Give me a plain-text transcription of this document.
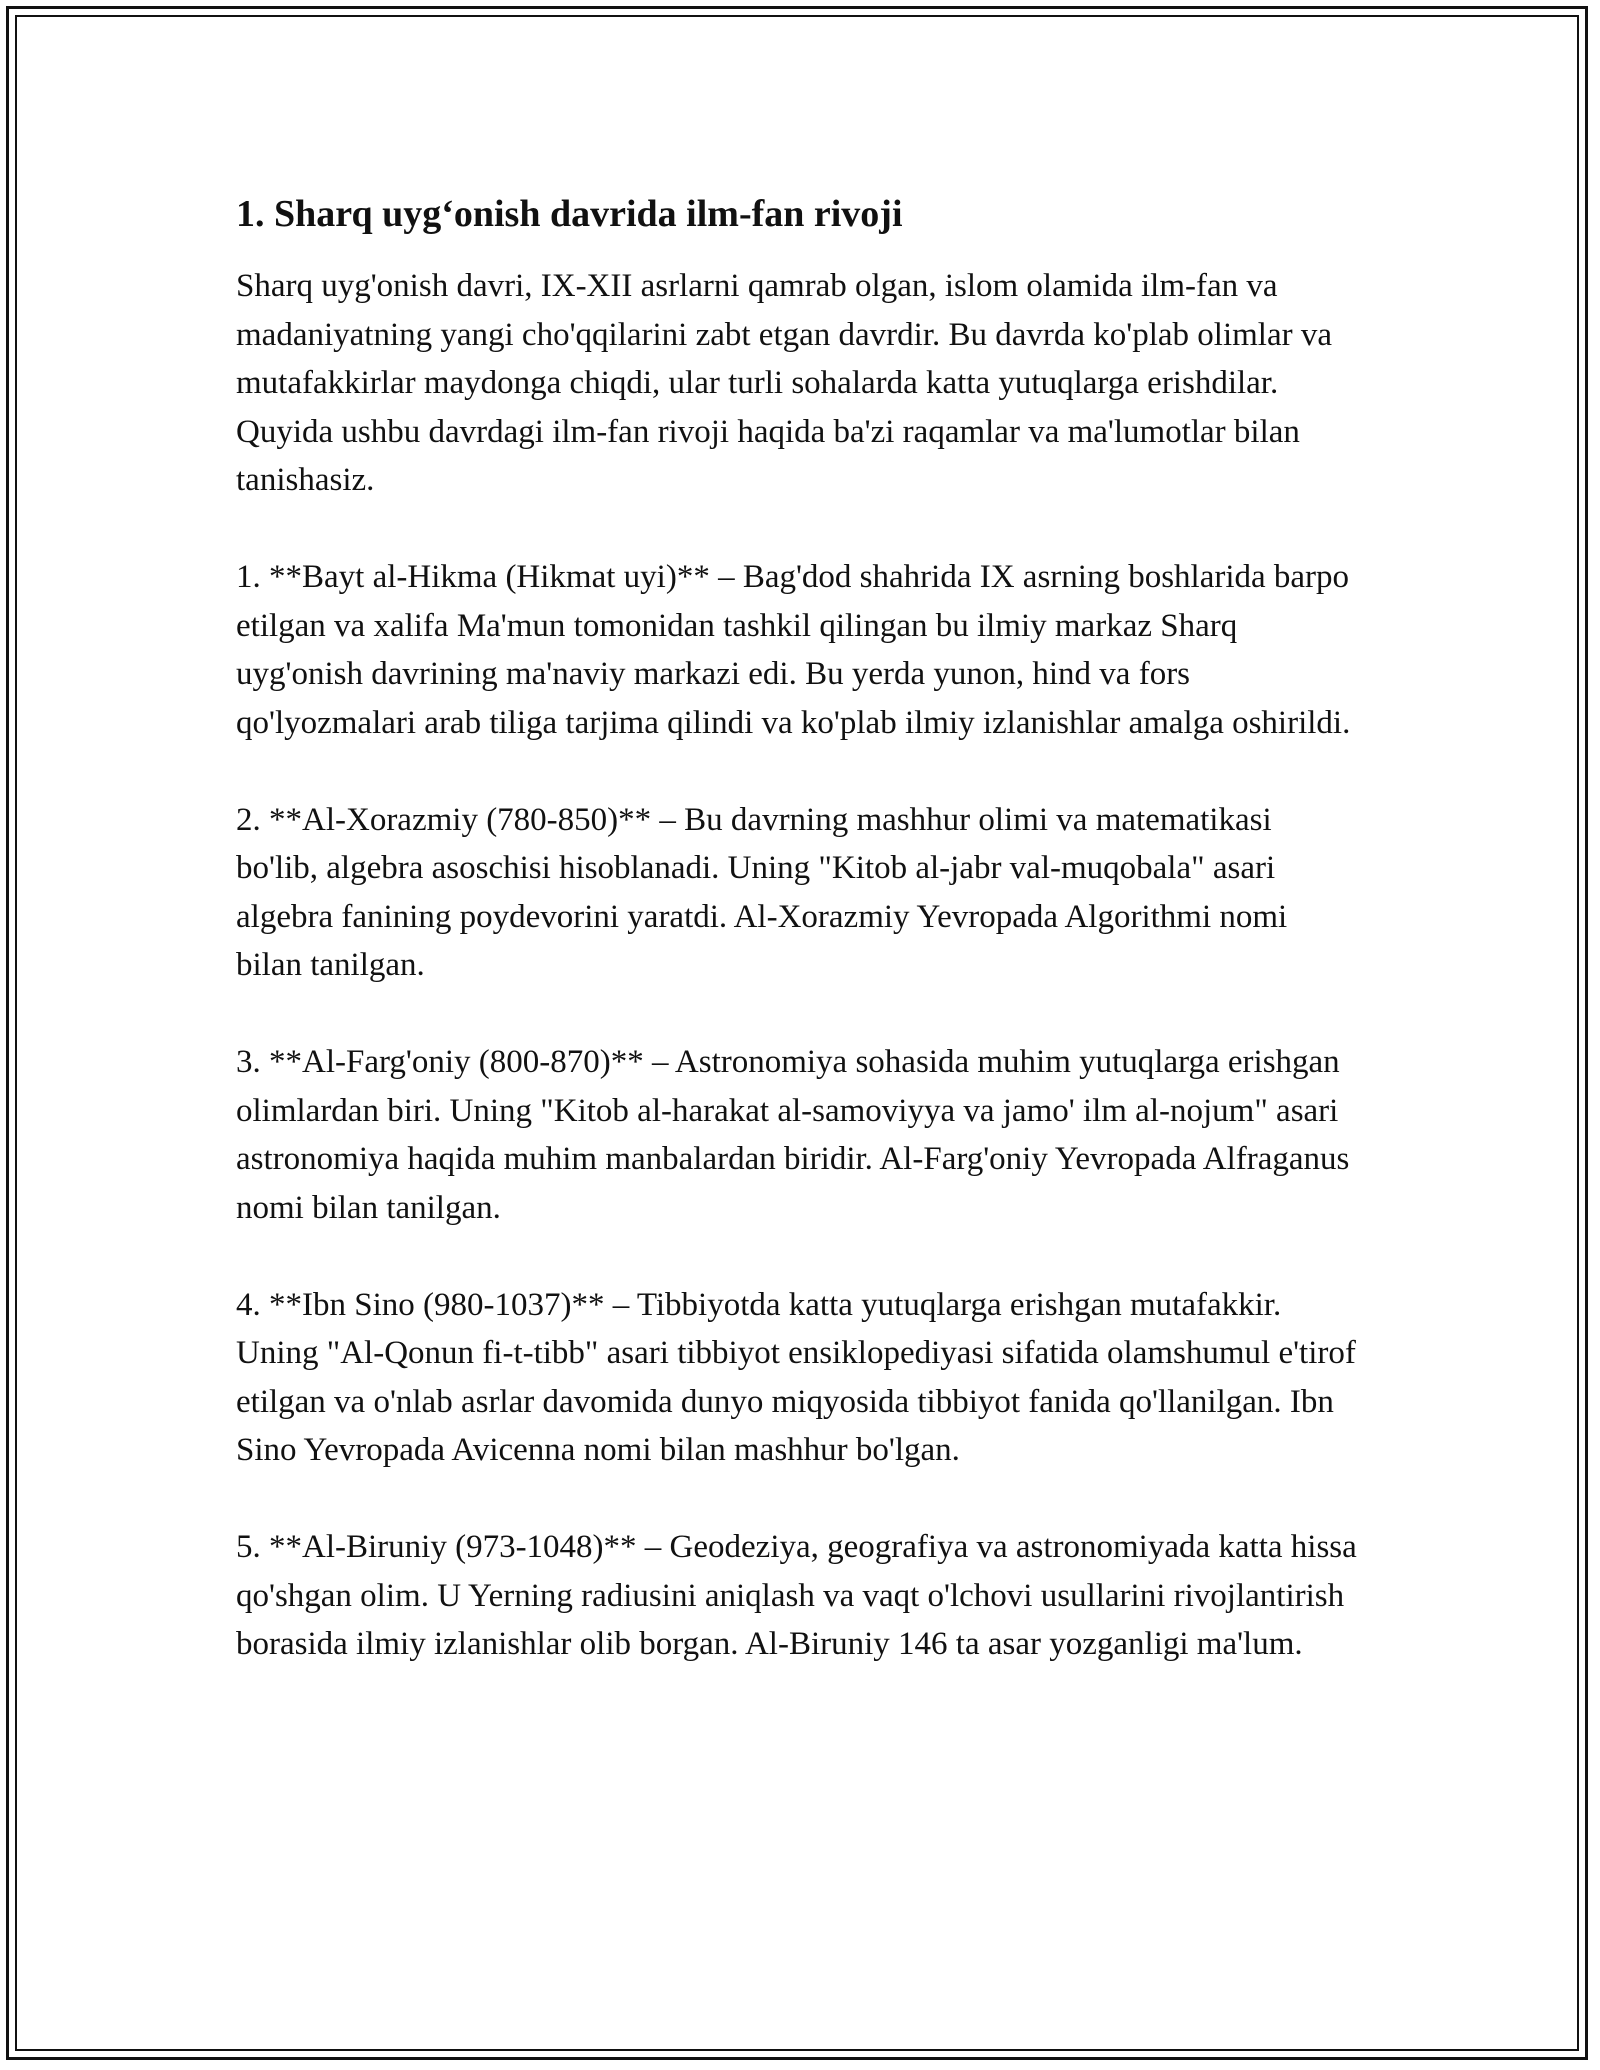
1. Sharq uyg‘onish davrida ilm-fan rivoji

Sharq uyg'onish davri, IX-XII asrlarni qamrab olgan, islom olamida ilm-fan va madaniyatning yangi cho'qqilarini zabt etgan davrdir. Bu davrda ko'plab olimlar va mutafakkirlar maydonga chiqdi, ular turli sohalarda katta yutuqlarga erishdilar. Quyida ushbu davrdagi ilm-fan rivoji haqida ba'zi raqamlar va ma'lumotlar bilan tanishasiz.

1. **Bayt al-Hikma (Hikmat uyi)** – Bag'dod shahrida IX asrning boshlarida barpo etilgan va xalifa Ma'mun tomonidan tashkil qilingan bu ilmiy markaz Sharq uyg'onish davrining ma'naviy markazi edi. Bu yerda yunon, hind va fors qo'lyozmalari arab tiliga tarjima qilindi va ko'plab ilmiy izlanishlar amalga oshirildi.

2. **Al-Xorazmiy (780-850)** – Bu davrning mashhur olimi va matematikasi bo'lib, algebra asoschisi hisoblanadi. Uning "Kitob al-jabr val-muqobala" asari algebra fanining poydevorini yaratdi. Al-Xorazmiy Yevropada Algorithmi nomi bilan tanilgan.

3. **Al-Farg'oniy (800-870)** – Astronomiya sohasida muhim yutuqlarga erishgan olimlardan biri. Uning "Kitob al-harakat al-samoviyya va jamo' ilm al-nojum" asari astronomiya haqida muhim manbalardan biridir. Al-Farg'oniy Yevropada Alfraganus nomi bilan tanilgan.

4. **Ibn Sino (980-1037)** – Tibbiyotda katta yutuqlarga erishgan mutafakkir. Uning "Al-Qonun fi-t-tibb" asari tibbiyot ensiklopediyasi sifatida olamshumul e'tirof etilgan va o'nlab asrlar davomida dunyo miqyosida tibbiyot fanida qo'llanilgan. Ibn Sino Yevropada Avicenna nomi bilan mashhur bo'lgan.

5. **Al-Biruniy (973-1048)** – Geodeziya, geografiya va astronomiyada katta hissa qo'shgan olim. U Yerning radiusini aniqlash va vaqt o'lchovi usullarini rivojlantirish borasida ilmiy izlanishlar olib borgan. Al-Biruniy 146 ta asar yozganligi ma'lum.
